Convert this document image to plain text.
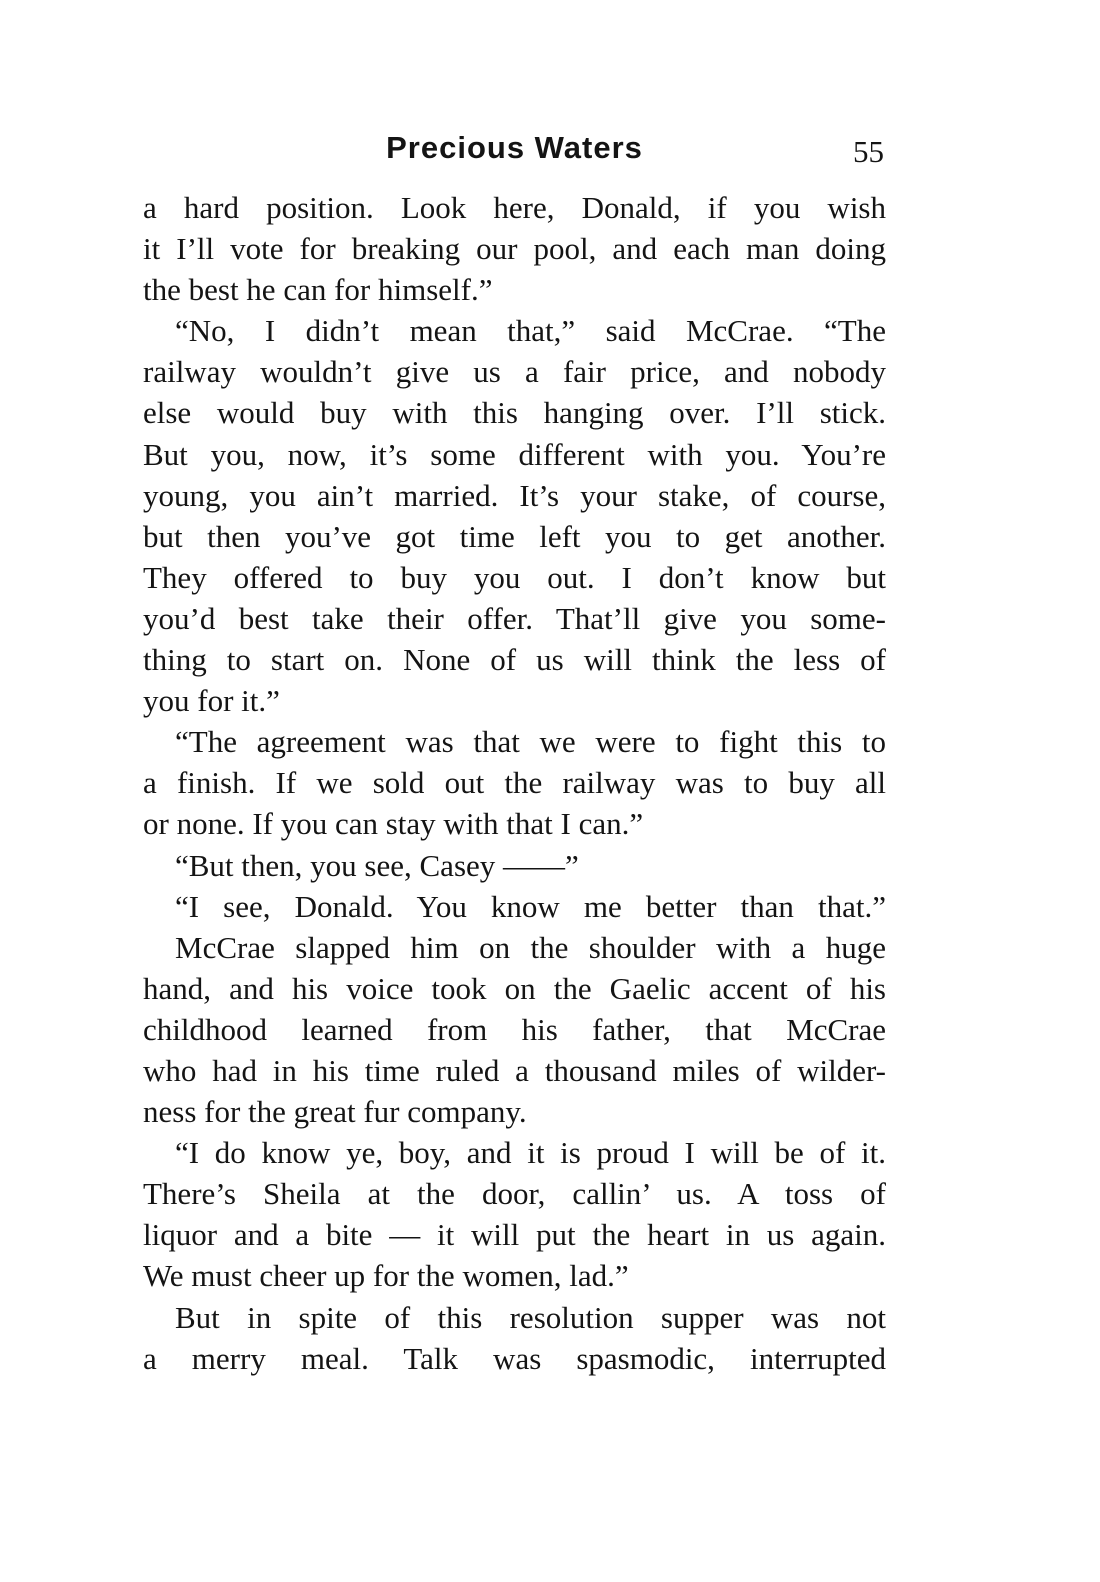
Precious Waters	55
a hard position. Look here, Donald, if you wish
it I’ll vote for breaking our pool, and each man doing
the best he can for himself.”
“No, I didn’t mean that,” said McCrae. “The
railway wouldn’t give us a fair price, and nobody
else would buy with this hanging over. I’ll stick.
But you, now, it’s some different with you. You’re
young, you ain’t married. It’s your stake, of course,
but then you’ve got time left you to get another.
They offered to buy you out. I don’t know but
you’d best take their offer. That’ll give you some-
thing to start on. None of us will think the less of
you for it.”
“The agreement was that we were to fight this to
a finish. If we sold out the railway was to buy all
or none. If you can stay with that I can.”
“But then, you see, Casey ——”
“I see, Donald. You know me better than that.”
McCrae slapped him on the shoulder with a huge
hand, and his voice took on the Gaelic accent of his
childhood learned from his father, that McCrae
who had in his time ruled a thousand miles of wilder-
ness for the great fur company.
“I do know ye, boy, and it is proud I will be of it.
There’s Sheila at the door, callin’ us. A toss of
liquor and a bite — it will put the heart in us again.
We must cheer up for the women, lad.”
But in spite of this resolution supper was not
a merry meal. Talk was spasmodic, interrupted
